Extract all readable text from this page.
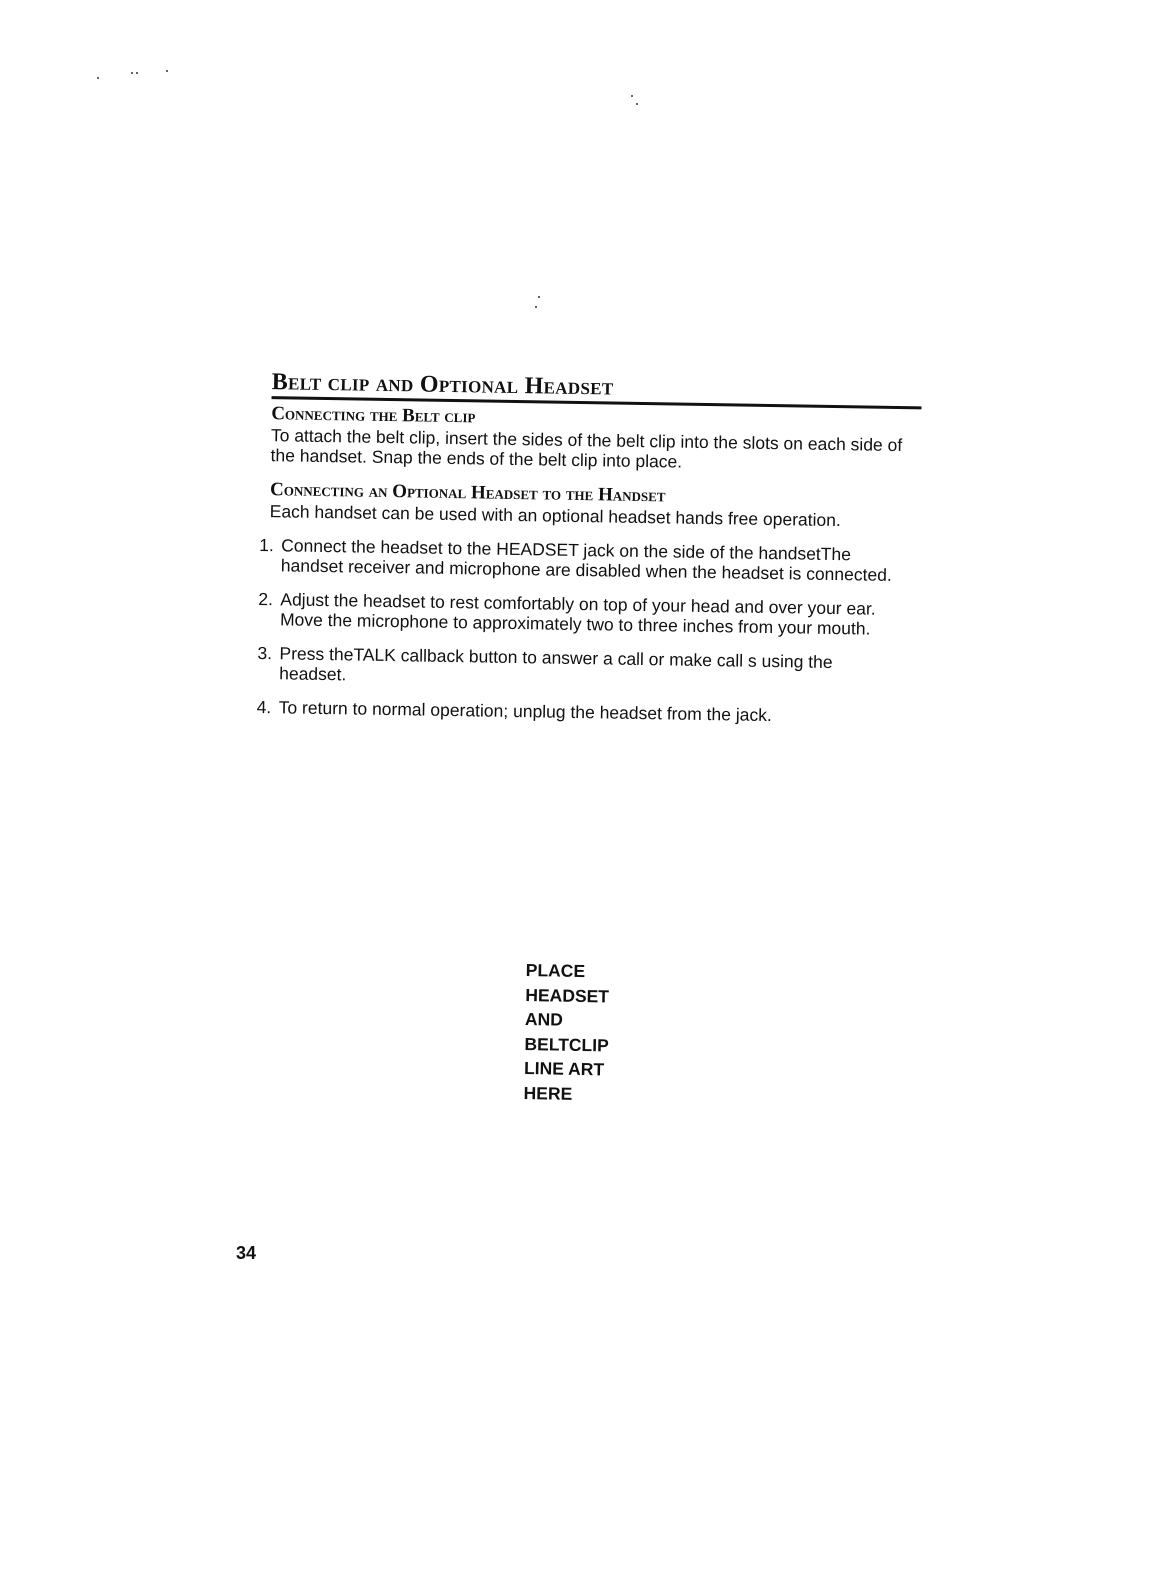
Belt clip and Optional Headset
Connecting the Belt clip

To attach the belt clip, insert the sides of the belt clip into the slots on each side of the handset. Snap the ends of the belt clip into place.

Connecting an Optional Headset to the Handset

Each handset can be used with an optional headset hands free operation.

1. Connect the headset to the HEADSET jack on the side of the handsetThe handset receiver and microphone are disabled when the headset is connected.
2. Adjust the headset to rest comfortably on top of your head and over your ear. Move the microphone to approximately two to three inches from your mouth.
3. Press theTALK callback button to answer a call or make call s using the headset.
4. To return to normal operation; unplug the headset from the jack.
PLACE
HEADSET
AND
BELTCLIP
LINE ART
HERE
34
